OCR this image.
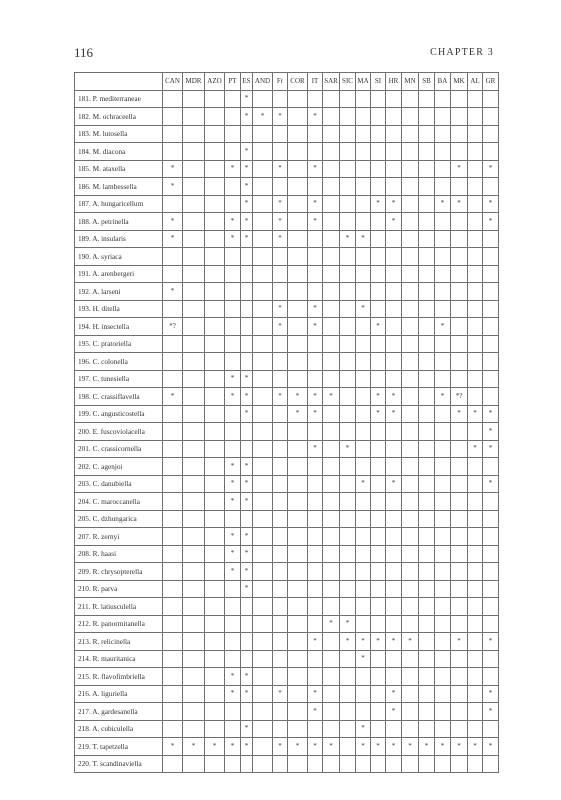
116	CHAPTER 3
	CAN	MDR	AZO	PT	ES	AND	Fr	COR	IT	SAR	SIC	MA	SI	HR	MN	SB	BA	MK	AL	GR
181. P. mediterraneae					*															
182. M. ochraceella					*	*	*		*											
183. M. lutosella																				
184. M. diacona					*															
185. M. ataxella	*			*	*		*		*									*		*
186. M. lambessella	*				*															
187. A. hungaricellum					*		*		*				*	*			*	*		*
188. A. petrinella	*			*	*		*		*					*						*
189. A. insularis	*			*	*		*				*	*								
190. A. syriaca																				
191. A. arenbergeri																				
192. A. larseni	*																			
193. H. ditella							*		*			*								
194. H. insectella	*?						*		*				*				*			
195. C. pratoriella																				
196. C. colonella																				
197. C. tunesiella				*	*															
198. C. crassiflavella	*			*	*		*	*	*	*			*	*			*	*?		
199. C. angusticostella					*			*	*				*	*				*	*	*
200. E. fuscoviolacella																				*
201. C. crassicornella									*		*								*	*
202. C. agenjoi				*	*															
203. C. danubiella				*	*							*		*						*
204. C. maroccanella				*	*															
205. C. dzhungarica																				
207. R. zernyi				*	*															
208. R. haasi				*	*															
209. R. chrysopterella				*	*															
210. R. parva					*															
211. R. latiusculella																				
212. R. panormitanella										*	*									
213. R. relicinella									*		*	*	*	*	*			*		*
214. R. mauritanica												*								
215. R. flavofimbriella				*	*															
216. A. liguriella				*	*		*		*					*						*
217. A. gardesanella									*					*						*
218. A. cubiculella					*							*								
219. T. tapetzella	*	*	*	*	*		*	*	*	*		*	*	*	*	*	*	*	*	*
220. T. scandinaviella																				
